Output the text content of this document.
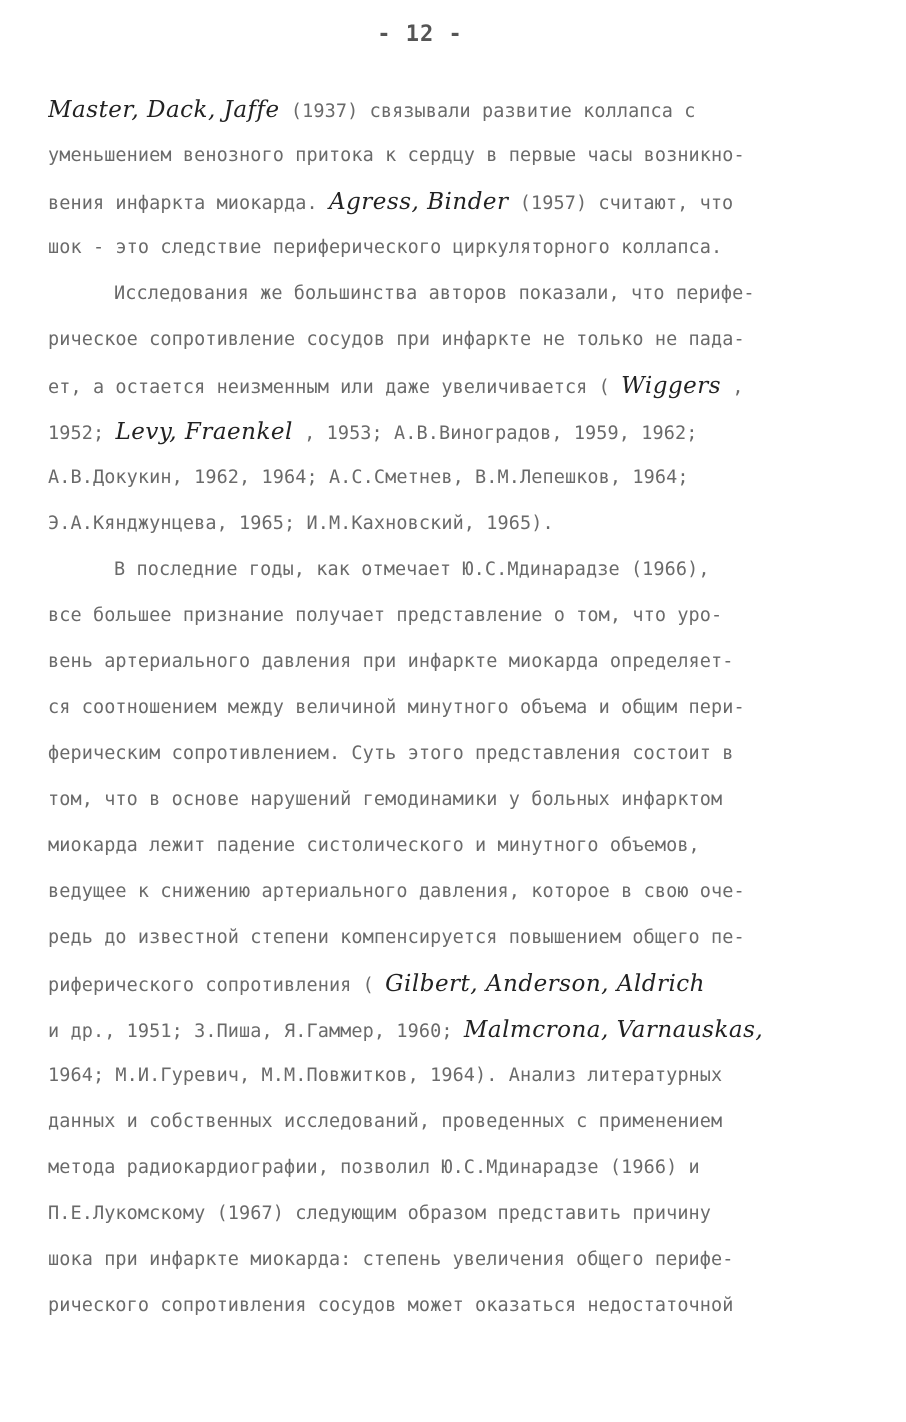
- 12 -
Master, Dack, Jaffe (1937) связывали развитие коллапса с
уменьшением венозного притока к сердцу в первые часы возникно-
вения инфаркта миокарда. Agress, Binder (1957) считают, что
шок - это следствие периферического циркуляторного коллапса.
Исследования же большинства авторов показали, что перифе-
рическое сопротивление сосудов при инфаркте не только не пада-
ет, а остается неизменным или даже увеличивается ( Wiggers ,
1952; Levy, Fraenkel , 1953; А.В.Виноградов, 1959, 1962;
А.В.Докукин, 1962, 1964; А.С.Сметнев, В.М.Лепешков, 1964;
Э.А.Кянджунцева, 1965; И.М.Кахновский, 1965).
В последние годы, как отмечает Ю.С.Мдинарадзе (1966),
все большее признание получает представление о том, что уро-
вень артериального давления при инфаркте миокарда определяет-
ся соотношением между величиной минутного объема и общим пери-
ферическим сопротивлением. Суть этого представления состоит в
том, что в основе нарушений гемодинамики у больных инфарктом
миокарда лежит падение систолического и минутного объемов,
ведущее к снижению артериального давления, которое в свою оче-
редь до известной степени компенсируется повышением общего пе-
риферического сопротивления ( Gilbert, Anderson, Aldrich
и др., 1951; З.Пиша, Я.Гаммер, 1960; Malmcrona, Varnauskas,
1964; М.И.Гуревич, М.М.Повжитков, 1964). Анализ литературных
данных и собственных исследований, проведенных с применением
метода радиокардиографии, позволил Ю.С.Мдинарадзе (1966) и
П.Е.Лукомскому (1967) следующим образом представить причину
шока при инфаркте миокарда: степень увеличения общего перифе-
рического сопротивления сосудов может оказаться недостаточной
